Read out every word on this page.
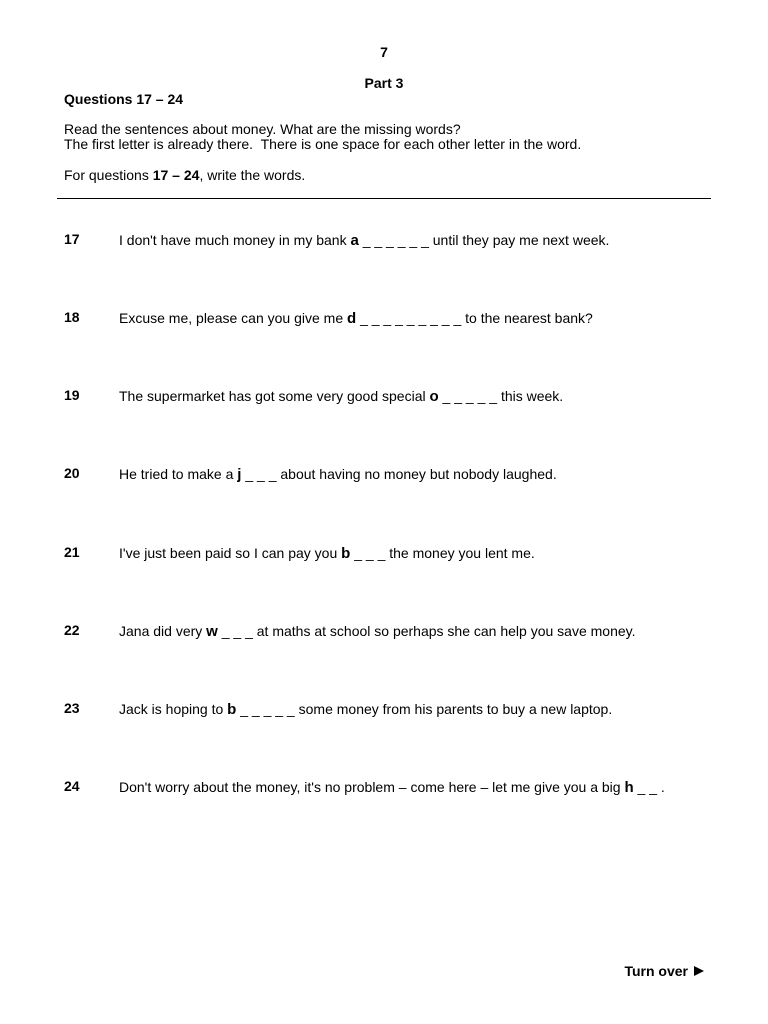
7
Part 3
Questions 17 – 24
Read the sentences about money. What are the missing words?
The first letter is already there.  There is one space for each other letter in the word.
For questions 17 – 24, write the words.
17	I don't have much money in my bank a _ _ _ _ _ _ until they pay me next week.
18	Excuse me, please can you give me d _ _ _ _ _ _ _ _ _ to the nearest bank?
19	The supermarket has got some very good special o _ _ _ _ _ this week.
20	He tried to make a j _ _ _ about having no money but nobody laughed.
21	I've just been paid so I can pay you b _ _ _ the money you lent me.
22	Jana did very w _ _ _ at maths at school so perhaps she can help you save money.
23	Jack is hoping to b _ _ _ _ _ some money from his parents to buy a new laptop.
24	Don't worry about the money, it's no problem – come here – let me give you a big h _ _ .
Turn over
